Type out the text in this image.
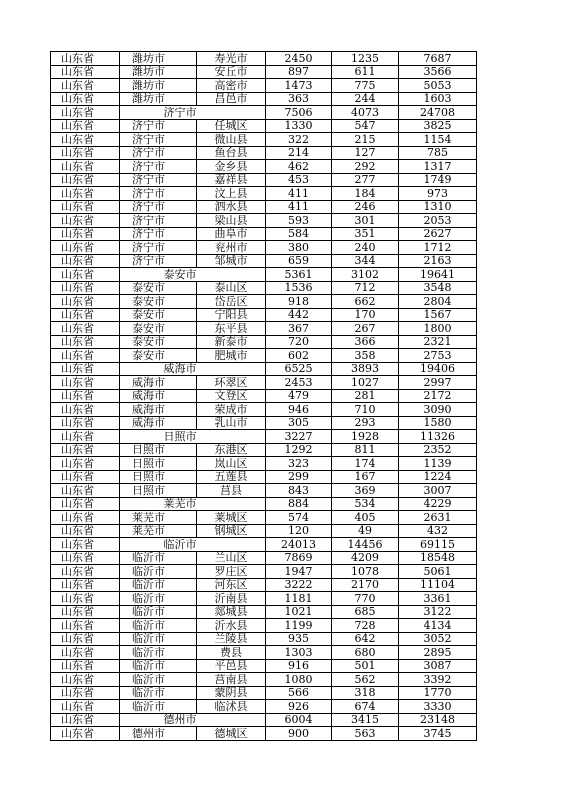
山东省	潍坊市	寿光市	2450	1235	7687
山东省	潍坊市	安丘市	897	611	3566
山东省	潍坊市	高密市	1473	775	5053
山东省	潍坊市	昌邑市	363	244	1603
山东省	济宁市		7506	4073	24708
山东省	济宁市	任城区	1330	547	3825
山东省	济宁市	微山县	322	215	1154
山东省	济宁市	鱼台县	214	127	785
山东省	济宁市	金乡县	462	292	1317
山东省	济宁市	嘉祥县	453	277	1749
山东省	济宁市	汶上县	411	184	973
山东省	济宁市	泗水县	411	246	1310
山东省	济宁市	梁山县	593	301	2053
山东省	济宁市	曲阜市	584	351	2627
山东省	济宁市	兖州市	380	240	1712
山东省	济宁市	邹城市	659	344	2163
山东省	泰安市		5361	3102	19641
山东省	泰安市	泰山区	1536	712	3548
山东省	泰安市	岱岳区	918	662	2804
山东省	泰安市	宁阳县	442	170	1567
山东省	泰安市	东平县	367	267	1800
山东省	泰安市	新泰市	720	366	2321
山东省	泰安市	肥城市	602	358	2753
山东省	威海市		6525	3893	19406
山东省	威海市	环翠区	2453	1027	2997
山东省	威海市	文登区	479	281	2172
山东省	威海市	荣成市	946	710	3090
山东省	威海市	乳山市	305	293	1580
山东省	日照市		3227	1928	11326
山东省	日照市	东港区	1292	811	2352
山东省	日照市	岚山区	323	174	1139
山东省	日照市	五莲县	299	167	1224
山东省	日照市	莒县	843	369	3007
山东省	莱芜市		884	534	4229
山东省	莱芜市	莱城区	574	405	2631
山东省	莱芜市	钢城区	120	49	432
山东省	临沂市		24013	14456	69115
山东省	临沂市	兰山区	7869	4209	18548
山东省	临沂市	罗庄区	1947	1078	5061
山东省	临沂市	河东区	3222	2170	11104
山东省	临沂市	沂南县	1181	770	3361
山东省	临沂市	郯城县	1021	685	3122
山东省	临沂市	沂水县	1199	728	4134
山东省	临沂市	兰陵县	935	642	3052
山东省	临沂市	费县	1303	680	2895
山东省	临沂市	平邑县	916	501	3087
山东省	临沂市	莒南县	1080	562	3392
山东省	临沂市	蒙阴县	566	318	1770
山东省	临沂市	临沭县	926	674	3330
山东省	德州市		6004	3415	23148
山东省	德州市	德城区	900	563	3745
